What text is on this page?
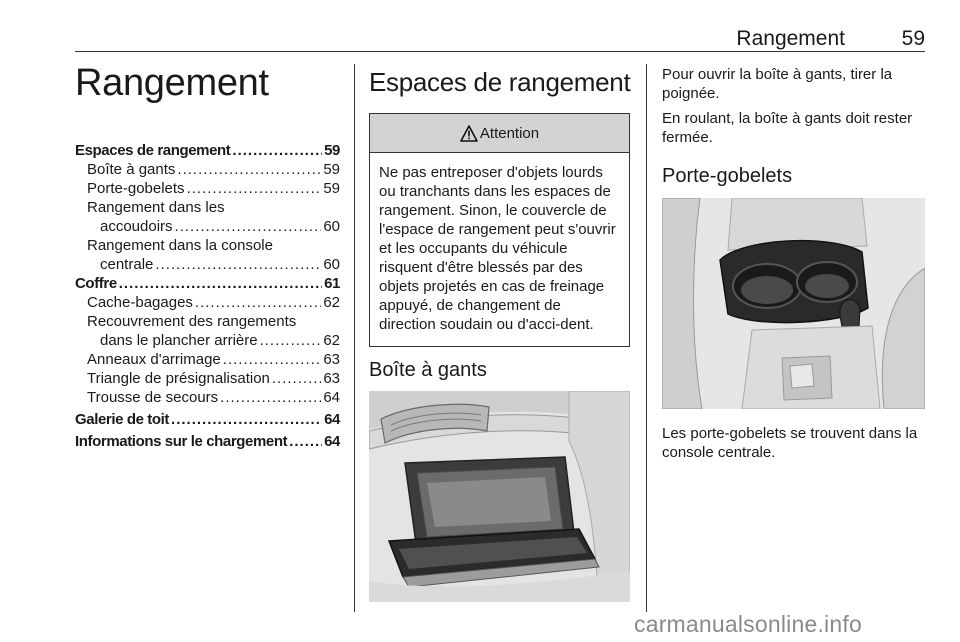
Rangement	59
Rangement
Espaces de rangement .....	59
Boîte à gants .....	59
Porte-gobelets .....	59
Rangement dans les
accoudoirs .....	60
Rangement dans la console
centrale .....	60
Coffre .....	61
Cache-bagages .....	62
Recouvrement des rangements
dans le plancher arrière .....	62
Anneaux d'arrimage .....	63
Triangle de présignalisation .....	63
Trousse de secours .....	64
Galerie de toit .....	64
Informations sur le chargement ..... 64
Espaces de rangement
Attention
Ne pas entreposer d'objets lourds ou tranchants dans les espaces de rangement. Sinon, le couvercle de l'espace de rangement peut s'ouvrir et les occupants du véhicule risquent d'être blessés par des objets projetés en cas de freinage appuyé, de changement de direction soudain ou d'acci-dent.
Boîte à gants

Pour ouvrir la boîte à gants, tirer la poignée.

En roulant, la boîte à gants doit rester fermée.

Porte-gobelets
Les porte-gobelets se trouvent dans la console centrale.
carmanualsonline.info
